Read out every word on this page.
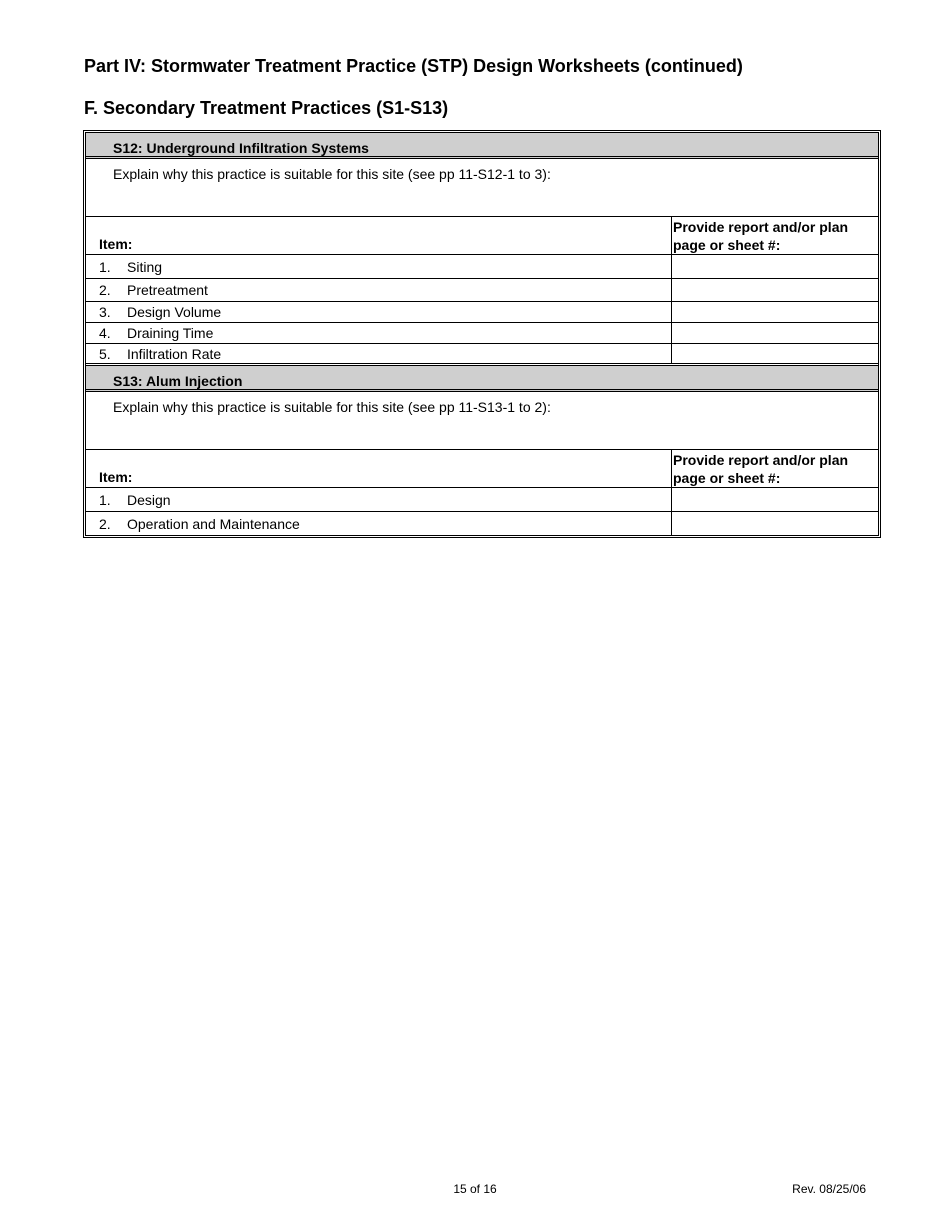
Part IV: Stormwater Treatment Practice (STP) Design Worksheets (continued)
F. Secondary Treatment Practices (S1-S13)
S12: Underground Infiltration Systems
Explain why this practice is suitable for this site (see pp 11-S12-1 to 3):
Item:
Provide report and/or plan page or sheet #:
1.	Siting
2.	Pretreatment
3.	Design Volume
4.	Draining Time
5.	Infiltration Rate
S13: Alum Injection
Explain why this practice is suitable for this site (see pp 11-S13-1 to 2):
Item:
Provide report and/or plan page or sheet #:
1.	Design
2.	Operation and Maintenance
15 of 16	Rev. 08/25/06
